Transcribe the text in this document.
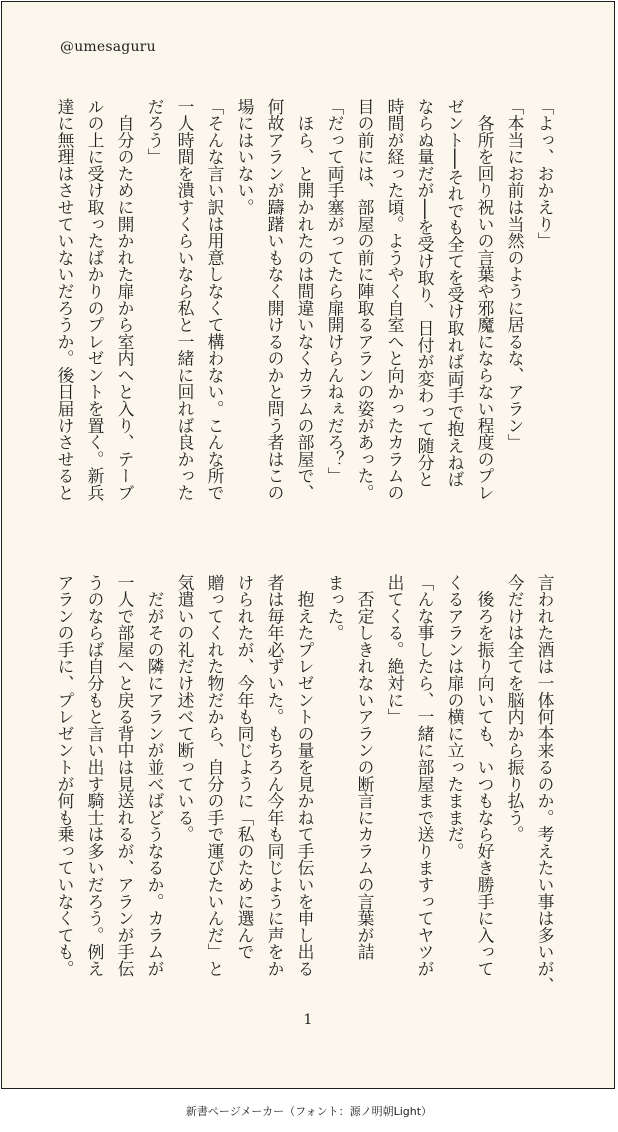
@umesaguru
「よっ、おかえり」
「本当にお前は当然のように居るな、アラン」
　各所を回り祝いの言葉や邪魔にならない程度のプレ
ゼント──それでも全てを受け取れば両手で抱えねば
ならぬ量だが──を受け取り、日付が変わって随分と
時間が経った頃。ようやく自室へと向かったカラムの
目の前には、部屋の前に陣取るアランの姿があった。
「だって両手塞がってたら扉開けらんねぇだろ？」
　ほら、と開かれたのは間違いなくカラムの部屋で、
何故アランが躊躇いもなく開けるのかと問う者はこの
場にはいない。
「そんな言い訳は用意しなくて構わない。こんな所で
一人時間を潰すくらいなら私と一緒に回れば良かった
だろう」
　自分のために開かれた扉から室内へと入り、テーブ
ルの上に受け取ったばかりのプレゼントを置く。新兵
達に無理はさせていないだろうか。後日届けさせると
言われた酒は一体何本来るのか。考えたい事は多いが、
今だけは全てを脳内から振り払う。
　後ろを振り向いても、いつもなら好き勝手に入って
くるアランは扉の横に立ったままだ。
「んな事したら、一緒に部屋まで送りますってヤツが
出てくる。絶対に」
　否定しきれないアランの断言にカラムの言葉が詰
まった。
　抱えたプレゼントの量を見かねて手伝いを申し出る
者は毎年必ずいた。もちろん今年も同じように声をか
けられたが、今年も同じように「私のために選んで
贈ってくれた物だから、自分の手で運びたいんだ」と
気遣いの礼だけ述べて断っている。
　だがその隣にアランが並べばどうなるか。カラムが
一人で部屋へと戻る背中は見送れるが、アランが手伝
うのならば自分もと言い出す騎士は多いだろう。例え
アランの手に、プレゼントが何も乗っていなくても。
1
新書ページメーカー（フォント：源ノ明朝Light）
